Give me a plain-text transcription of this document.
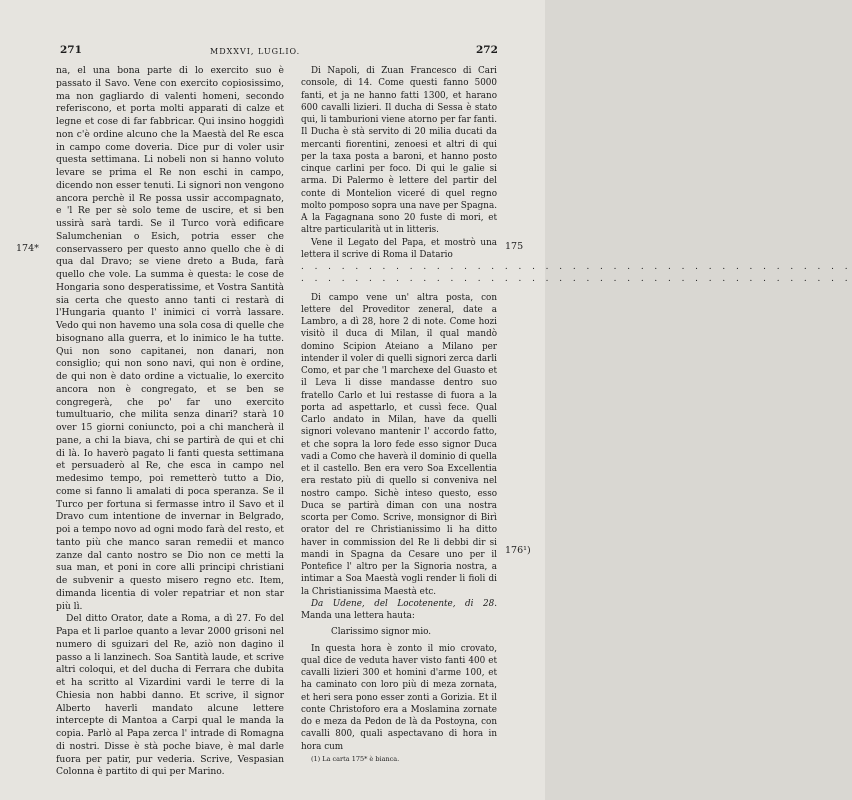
271	MDXXVI, LUGLIO.	272
174*	175
176¹)

na, el una bona parte di lo exercito suo è passato il Savo. Vene con exercito copiosissimo, ma non gagliardo di valenti homeni, secondo referiscono, et porta molti apparati di calze et legne et cose di far fabbricar. Qui insino hoggidì non c'è ordine alcuno che la Maestà del Re esca in campo come doveria. Dice pur di voler usir questa settimana. Li nobeli non si hanno voluto levare se prima el Re non eschi in campo, dicendo non esser tenuti. Li signori non vengono ancora perchè il Re possa ussir accompagnato, e 'l Re per sè solo teme de uscire, et si ben ussirà sarà tardi. Se il Turco vorà edificare Salumchenian o Esich, potria esser che conservassero per questo anno quello che è di qua dal Dravo; se viene dreto a Buda, farà quello che vole. La summa è questa: le cose de Hongaria sono desperatissime, et Vostra Santità sia certa che questo anno tanti ci restarà di l'Hungaria quanto l' inimici ci vorrà lassare. Vedo qui non havemo una sola cosa di quelle che bisognano alla guerra, et lo inimico le ha tutte. Qui non sono capitanei, non danari, non consiglio; qui non sono navi, qui non è ordine, de qui non è dato ordine a victualie, lo exercito ancora non è congregato, et se ben se congregerà, che po' far uno exercito tumultuario, che milita senza dinari? starà 10 over 15 giorni coniuncto, poi a chi mancherà il pane, a chi la biava, chi se partirà de qui et chi di là. Io haverò pagato li fanti questa settimana et persuaderò al Re, che esca in campo nel medesimo tempo, poi remetterò tutto a Dio, come si fanno li amalati di poca speranza. Se il Turco per fortuna si fermasse intro il Savo et il Dravo cum intentione de invernar in Belgrado, poi a tempo novo ad ogni modo farà del resto, et tanto più che manco saran remedii et manco zanze dal canto nostro se Dio non ce metti la sua man, et poni in core alli principi christiani de subvenir a questo misero regno etc. Item, dimanda licentia di voler repatriar et non star più lì.

Del ditto Orator, date a Roma, a dì 27. Fo del Papa et li parloe quanto a levar 2000 grisoni nel numero di sguizari del Re, aziò non dagino il passo a li lanzinech. Soa Santità laude, et scrive altri coloqui, et del ducha di Ferrara che dubita et ha scritto al Vizardini vardi le terre di la Chiesia non habbi danno. Et scrive, il signor Alberto haverli mandato alcune lettere intercepte di Mantoa a Carpi qual le manda la copia. Parlò al Papa zerca l' intrade di Romagna di nostri. Disse è stà poche biave, è mal darle fuora per patir, pur vederia. Scrive, Vespasian Colonna è partito di qui per Marino.

Di Napoli, di Zuan Francesco di Cari console, di 14. Come questi fanno 5000 fanti, et ja ne hanno fatti 1300, et harano 600 cavalli lizieri. Il ducha di Sessa è stato qui, li tamburioni viene atorno per far fanti. Il Ducha è stà servito di 20 milia ducati da mercanti fiorentini, zenoesi et altri di qui per la taxa posta a baroni, et hanno posto cinque carlini per foco. Di qui le galie si arma. Di Palermo è lettere del partir del conte di Montelion viceré di quel regno molto pomposo sopra una nave per Spagna. A la Fagagnana sono 20 fuste di mori, et altre particularità ut in litteris.

Vene il Legato del Papa, et mostrò una lettera il scrive di Roma il Datario

. . . . . . . . . . . . . . . . . . . . . . . . . . . . . . . . . . . . . . . . .

. . . . . . . . . . . . . . . . . . . . . . . . . . . . . . . . . . . . . . . . .

Di campo vene un' altra posta, con lettere del Proveditor zeneral, date a Lambro, a dì 28, hore 2 di note. Come hozi visitò il duca di Milan, il qual mandò domino Scipion Ateiano a Milano per intender il voler di quelli signori zerca darli Como, et par che 'l marchexe del Guasto et il Leva li disse mandasse dentro suo fratello Carlo et lui restasse di fuora a la porta ad aspettarlo, et cussì fece. Qual Carlo andato in Milan, have da quelli signori volevano mantenir l' accordo fatto, et che sopra la loro fede esso signor Duca vadi a Como che haverà il dominio di quella et il castello. Ben era vero Soa Excellentia era restato più di quello si conveniva nel nostro campo. Sichè inteso questo, esso Duca se partirà diman con una nostra scorta per Como. Scrive, monsignor di Birì orator del re Christianissimo li ha ditto haver in commission del Re li debbi dir si mandi in Spagna da Cesare uno per il Pontefice l' altro per la Signoria nostra, a intimar a Soa Maestà vogli render li fioli di la Christianissima Maestà etc.

Da Udene, del Locotenente, di 28. Manda una lettera hauta:

Clarissimo signor mio.

In questa hora è zonto il mio crovato, qual dice de veduta haver visto fanti 400 et cavalli lizieri 300 et homini d'arme 100, et ha caminato con loro più di meza zornata, et heri sera pono esser zonti a Gorizia. Et il conte Christoforo era a Moslamina zornate do e meza da Pedon de là da Postoyna, con cavalli 800, quali aspectavano di hora in hora cum

(1) La carta 175* è bianca.
